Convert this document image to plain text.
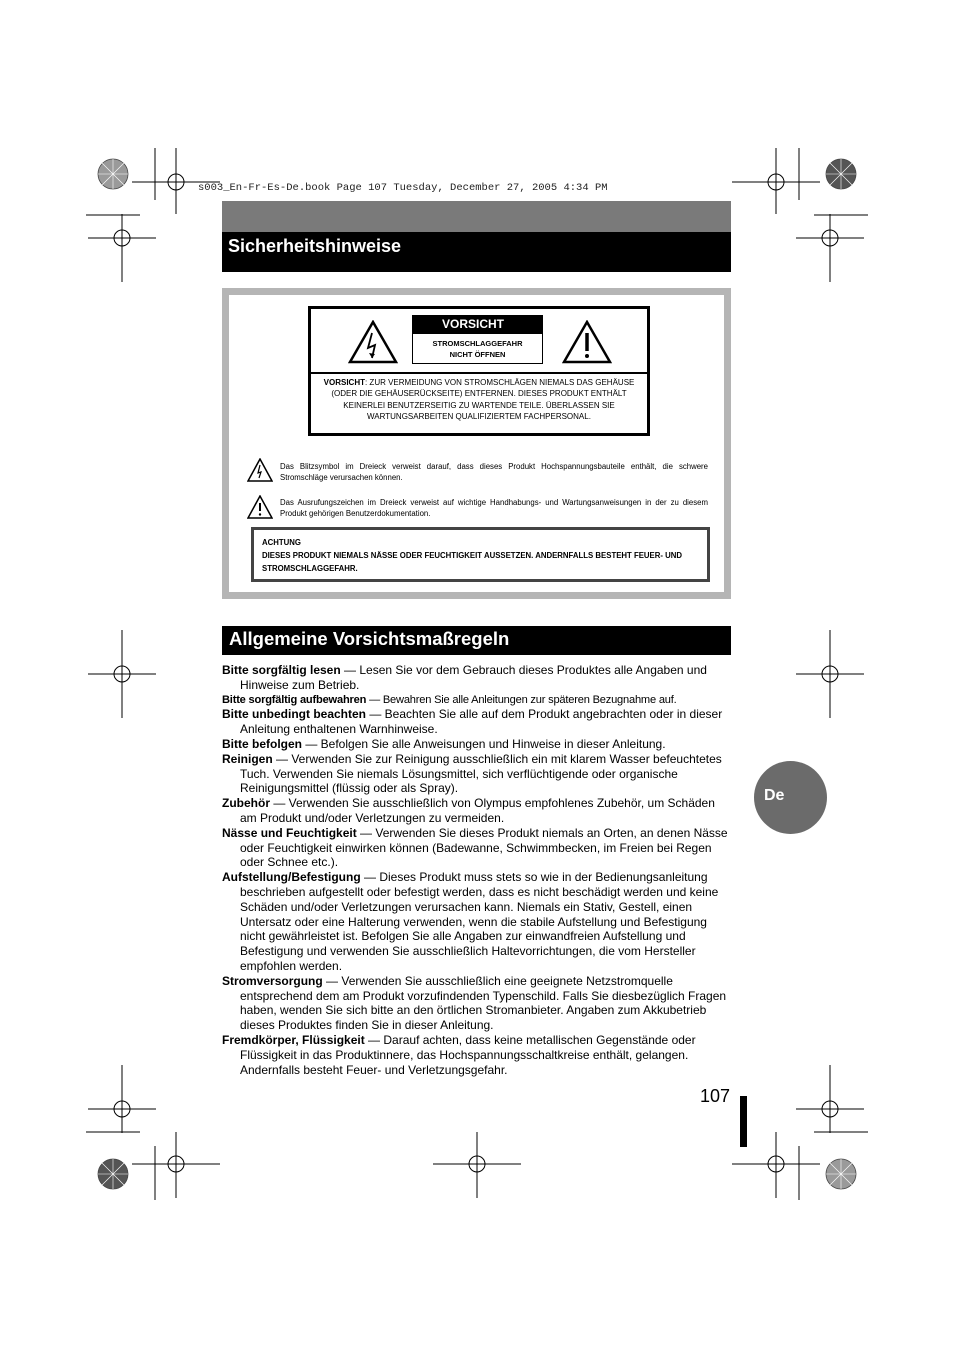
s003_En-Fr-Es-De.book Page 107 Tuesday, December 27, 2005 4:34 PM
Sicherheitshinweise
VORSICHT
STROMSCHLAGGEFAHR
NICHT ÖFFNEN
VORSICHT: ZUR VERMEIDUNG VON STROMSCHLÄGEN NIEMALS DAS GEHÄUSE (ODER DIE GEHÄUSERÜCKSEITE) ENTFERNEN. DIESES PRODUKT ENTHÄLT KEINERLEI BENUTZERSEITIG ZU WARTENDE TEILE. ÜBERLASSEN SIE WARTUNGSARBEITEN QUALIFIZIERTEM FACHPERSONAL.
Das Blitzsymbol im Dreieck verweist darauf, dass dieses Produkt Hochspannungsbauteile enthält, die schwere Stromschläge verursachen können.
Das Ausrufungszeichen im Dreieck verweist auf wichtige Handhabungs- und Wartungsanweisungen in der zu diesem Produkt gehörigen Benutzerdokumentation.
ACHTUNG
DIESES PRODUKT NIEMALS NÄSSE ODER FEUCHTIGKEIT AUSSETZEN. ANDERNFALLS BESTEHT FEUER- UND STROMSCHLAGGEFAHR.
Allgemeine Vorsichtsmaßregeln

Bitte sorgfältig lesen — Lesen Sie vor dem Gebrauch dieses Produktes alle Angaben und Hinweise zum Betrieb.

Bitte sorgfältig aufbewahren — Bewahren Sie alle Anleitungen zur späteren Bezugnahme auf.

Bitte unbedingt beachten — Beachten Sie alle auf dem Produkt angebrachten oder in dieser Anleitung enthaltenen Warnhinweise.

Bitte befolgen — Befolgen Sie alle Anweisungen und Hinweise in dieser Anleitung.

Reinigen — Verwenden Sie zur Reinigung ausschließlich ein mit klarem Wasser befeuchtetes Tuch. Verwenden Sie niemals Lösungsmittel, sich verflüchtigende oder organische Reinigungsmittel (flüssig oder als Spray).

Zubehör — Verwenden Sie ausschließlich von Olympus empfohlenes Zubehör, um Schäden am Produkt und/oder Verletzungen zu vermeiden.

Nässe und Feuchtigkeit — Verwenden Sie dieses Produkt niemals an Orten, an denen Nässe oder Feuchtigkeit einwirken können (Badewanne, Schwimmbecken, im Freien bei Regen oder Schnee etc.).

Aufstellung/Befestigung — Dieses Produkt muss stets so wie in der Bedienungsanleitung beschrieben aufgestellt oder befestigt werden, dass es nicht beschädigt werden und keine Schäden und/oder Verletzungen verursachen kann. Niemals ein Stativ, Gestell, einen Untersatz oder eine Halterung verwenden, wenn die stabile Aufstellung und Befestigung nicht gewährleistet ist. Befolgen Sie alle Angaben zur einwandfreien Aufstellung und Befestigung und verwenden Sie ausschließlich Haltevorrichtungen, die vom Hersteller empfohlen werden.

Stromversorgung — Verwenden Sie ausschließlich eine geeignete Netzstromquelle entsprechend dem am Produkt vorzufindenden Typenschild. Falls Sie diesbezüglich Fragen haben, wenden Sie sich bitte an den örtlichen Stromanbieter. Angaben zum Akkubetrieb dieses Produktes finden Sie in dieser Anleitung.

Fremdkörper, Flüssigkeit — Darauf achten, dass keine metallischen Gegenstände oder Flüssigkeit in das Produktinnere, das Hochspannungsschaltkreise enthält, gelangen. Andernfalls besteht Feuer- und Verletzungsgefahr.

De
107
